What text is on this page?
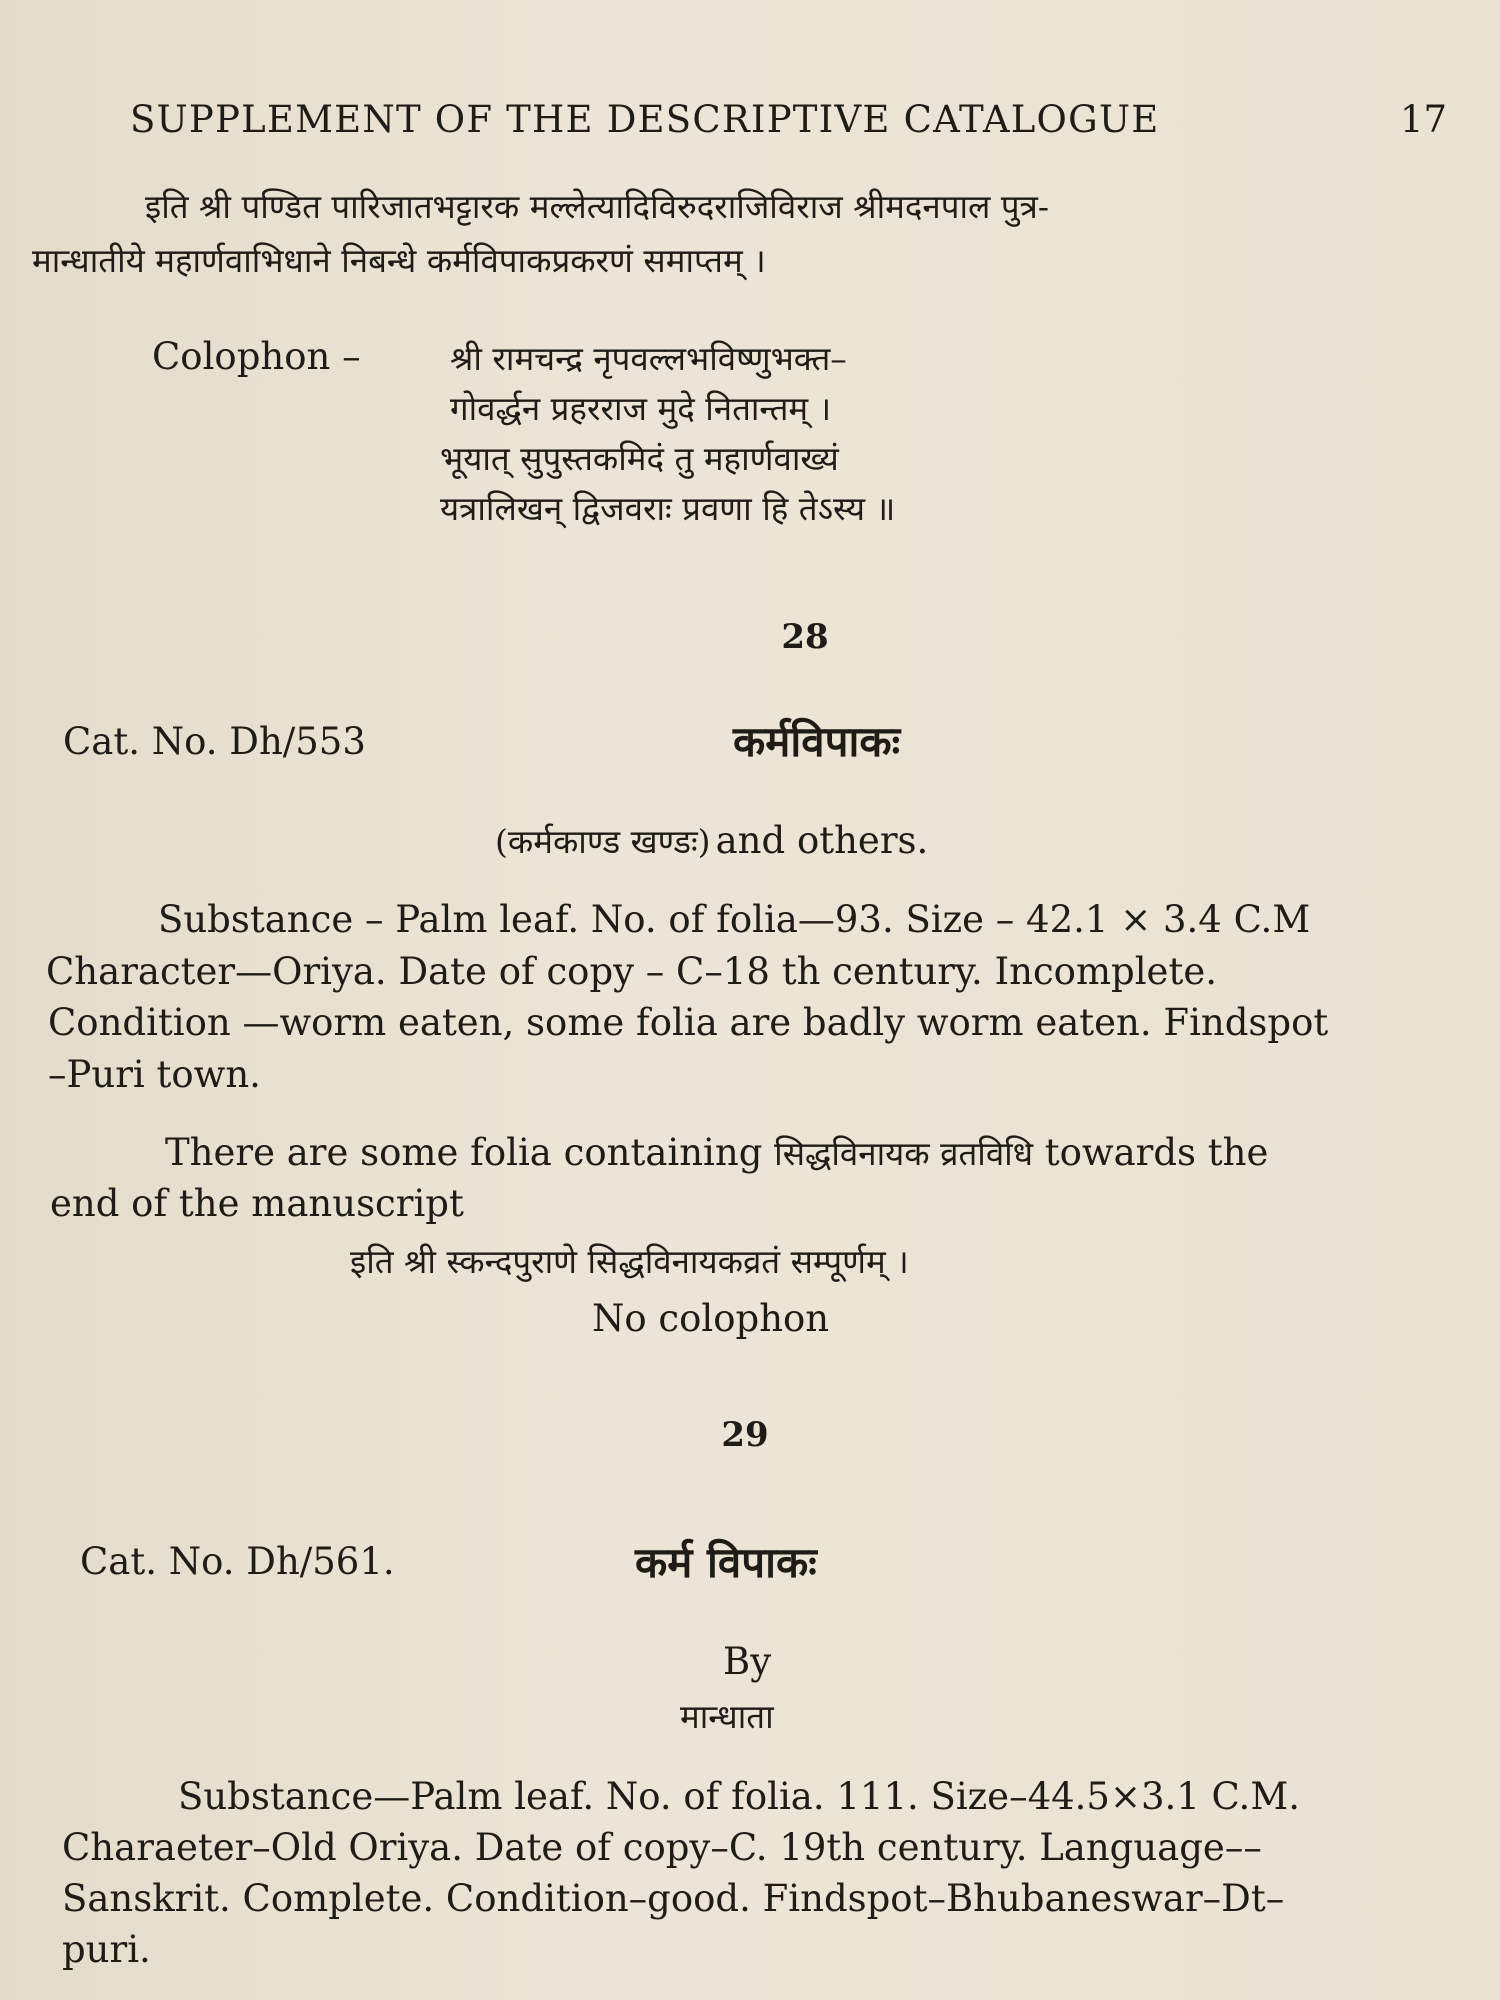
SUPPLEMENT OF THE DESCRIPTIVE CATALOGUE	17
इति श्री पण्डित पारिजातभट्टारक मल्लेत्यादिविरुदराजिविराज श्रीमदनपाल पुत्र-
मान्धातीये महार्णवाभिधाने निबन्धे कर्मविपाकप्रकरणं समाप्तम् ।
Colophon –	श्री रामचन्द्र नृपवल्लभविष्णुभक्त–
गोवर्द्धन प्रहरराज मुदे नितान्तम् ।
भूयात् सुपुस्तकमिदं तु महार्णवाख्यं
यत्रालिखन् द्विजवराः प्रवणा हि तेऽस्य ॥
28
Cat. No. Dh/553	कर्मविपाकः
(कर्मकाण्ड खण्डः) and others.
Substance – Palm leaf. No. of folia—93. Size – 42.1 × 3.4 C.M
Character—Oriya. Date of copy – C–18 th century. Incomplete.
Condition —worm eaten, some folia are badly worm eaten. Findspot
–Puri town.
There are some folia containing सिद्धविनायक व्रतविधि towards the
end of the manuscript
इति श्री स्कन्दपुराणे सिद्धविनायकव्रतं सम्पूर्णम् ।
No colophon
29
Cat. No. Dh/561.	कर्म विपाकः
By
मान्धाता
Substance—Palm leaf. No. of folia. 111. Size–44.5×3.1 C.M.
Charaeter–Old Oriya. Date of copy–C. 19th century. Language––
Sanskrit. Complete. Condition–good. Findspot–Bhubaneswar–Dt–
puri.
